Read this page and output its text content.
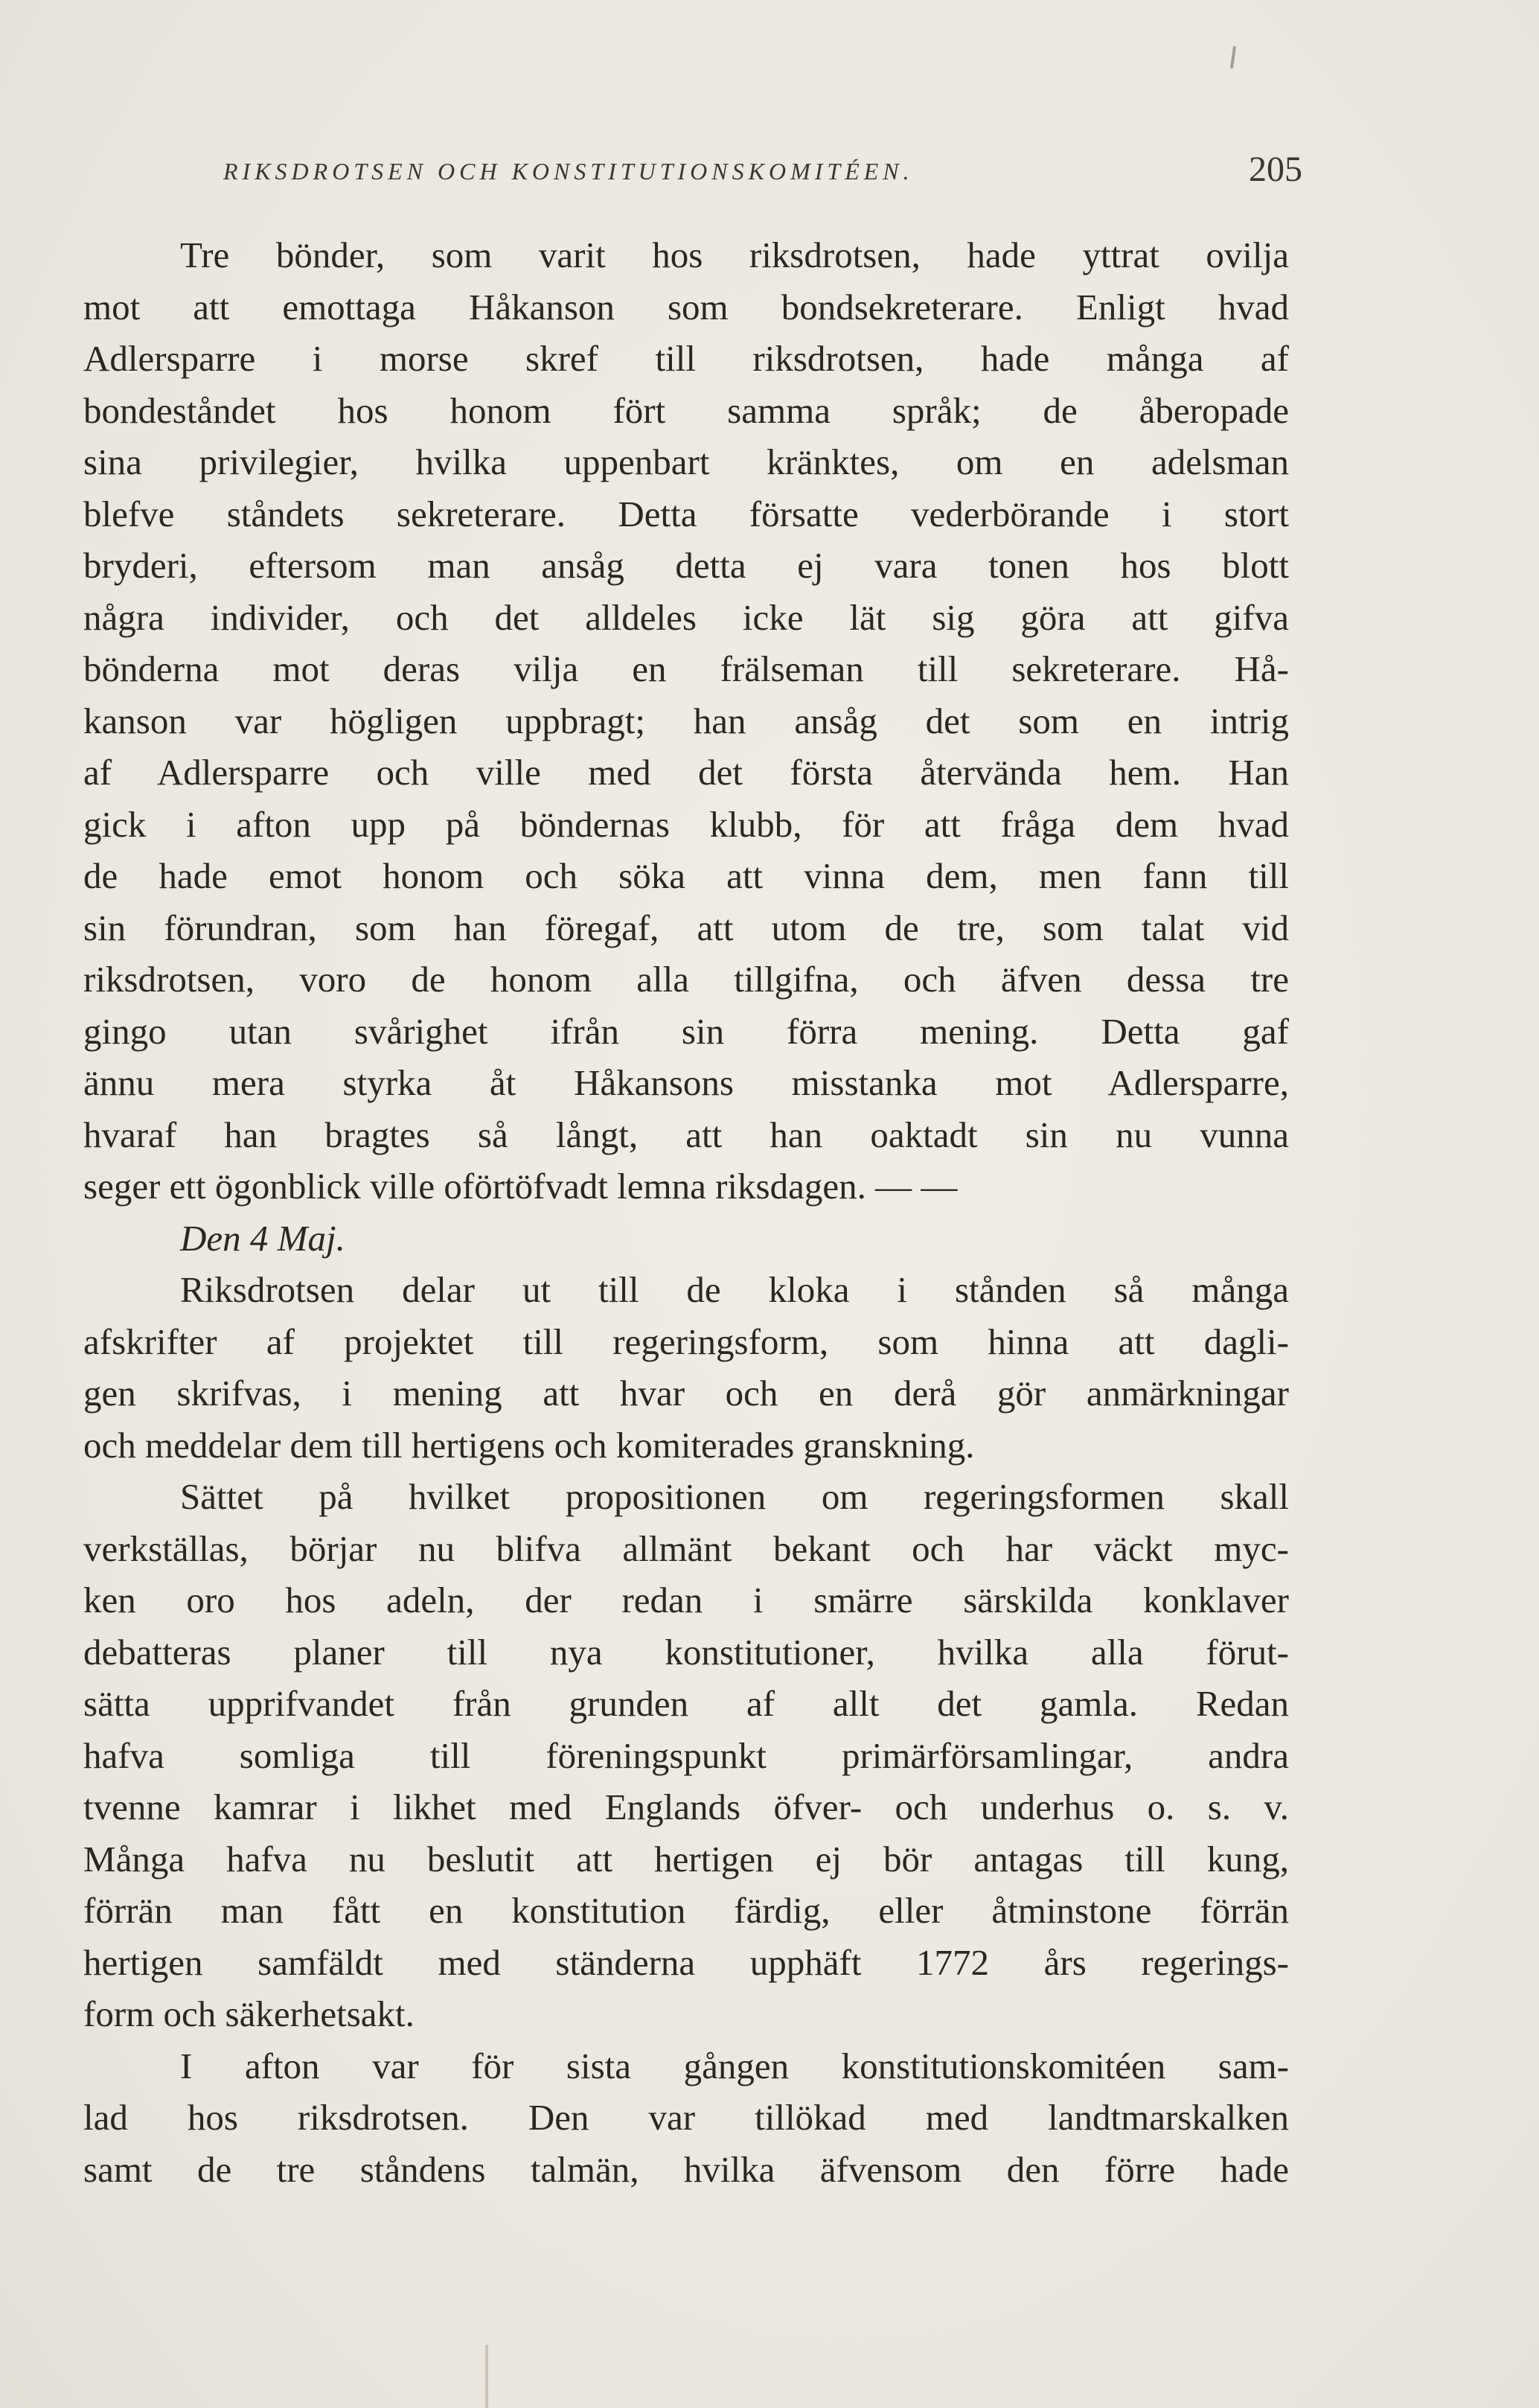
RIKSDROTSEN OCH KONSTITUTIONSKOMITÉEN.	205
Tre bönder, som varit hos riksdrotsen, hade yttrat ovilja
mot att emottaga Håkanson som bondsekreterare. Enligt hvad
Adlersparre i morse skref till riksdrotsen, hade många af
bondeståndet hos honom fört samma språk; de åberopade
sina privilegier, hvilka uppenbart kränktes, om en adelsman
blefve ståndets sekreterare. Detta försatte vederbörande i stort
bryderi, eftersom man ansåg detta ej vara tonen hos blott
några individer, och det alldeles icke lät sig göra att gifva
bönderna mot deras vilja en frälseman till sekreterare. Hå-
kanson var högligen uppbragt; han ansåg det som en intrig
af Adlersparre och ville med det första återvända hem. Han
gick i afton upp på böndernas klubb, för att fråga dem hvad
de hade emot honom och söka att vinna dem, men fann till
sin förundran, som han föregaf, att utom de tre, som talat vid
riksdrotsen, voro de honom alla tillgifna, och äfven dessa tre
gingo utan svårighet ifrån sin förra mening. Detta gaf
ännu mera styrka åt Håkansons misstanka mot Adlersparre,
hvaraf han bragtes så långt, att han oaktadt sin nu vunna
seger ett ögonblick ville oförtöfvadt lemna riksdagen. — —
Den 4 Maj.
Riksdrotsen delar ut till de kloka i stånden så många
afskrifter af projektet till regeringsform, som hinna att dagli-
gen skrifvas, i mening att hvar och en derå gör anmärkningar
och meddelar dem till hertigens och komiterades granskning.
Sättet på hvilket propositionen om regeringsformen skall
verkställas, börjar nu blifva allmänt bekant och har väckt myc-
ken oro hos adeln, der redan i smärre särskilda konklaver
debatteras planer till nya konstitutioner, hvilka alla förut-
sätta upprifvandet från grunden af allt det gamla. Redan
hafva somliga till föreningspunkt primärförsamlingar, andra
tvenne kamrar i likhet med Englands öfver- och underhus o. s. v.
Många hafva nu beslutit att hertigen ej bör antagas till kung,
förrän man fått en konstitution färdig, eller åtminstone förrän
hertigen samfäldt med ständerna upphäft 1772 års regerings-
form och säkerhetsakt.
I afton var för sista gången konstitutionskomitéen sam-
lad hos riksdrotsen. Den var tillökad med landtmarskalken
samt de tre ståndens talmän, hvilka äfvensom den förre hade
